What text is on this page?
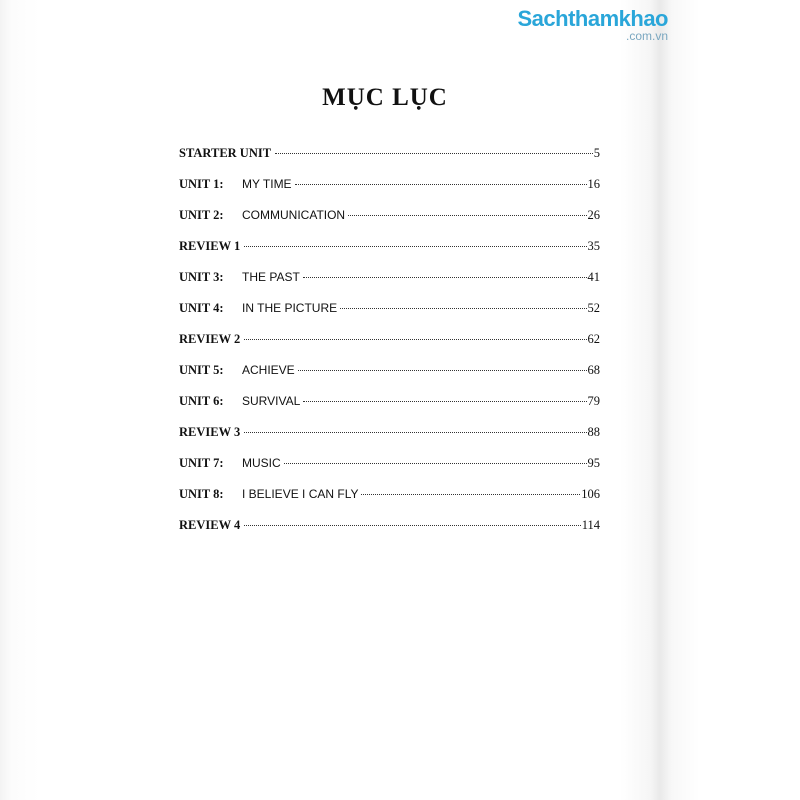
Sachthamkhao
.com.vn
MỤC LỤC
STARTER UNIT	5
UNIT 1:	MY TIME	16
UNIT 2:	COMMUNICATION	26
REVIEW 1	35
UNIT 3:	THE PAST	41
UNIT 4:	IN THE PICTURE	52
REVIEW 2	62
UNIT 5:	ACHIEVE	68
UNIT 6:	SURVIVAL	79
REVIEW 3	88
UNIT 7:	MUSIC	95
UNIT 8:	I BELIEVE I CAN FLY	106
REVIEW 4	114
